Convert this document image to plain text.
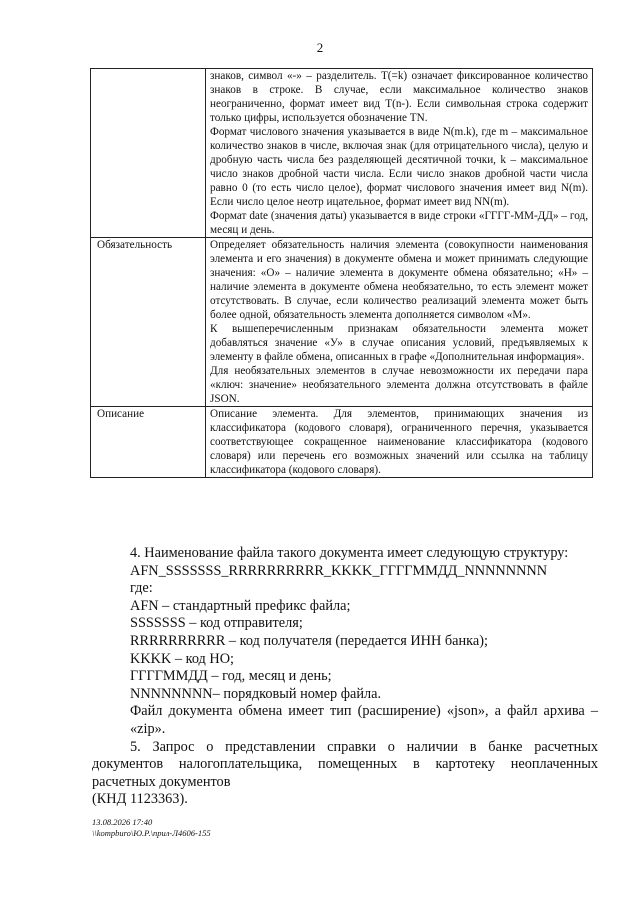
2

	знаков, символ «-» – разделитель. T(=k) означает фиксированное количество знаков в строке. В случае, если максимальное количество знаков неограниченно, формат имеет вид T(n-). Если символьная строка содержит только цифры, используется обозначение TN.

Формат числового значения указывается в виде N(m.k), где m – максимальное количество знаков в числе, включая знак (для отрицательного числа), целую и дробную часть числа без разделяющей десятичной точки, k – максимальное число знаков дробной части числа. Если число знаков дробной части числа равно 0 (то есть число целое), формат числового значения имеет вид N(m). Если число целое неотр ицательное, формат имеет вид NN(m).

Формат date (значения даты) указывается в виде строки «ГГГГ-ММ-ДД» – год, месяц и день.

Обязательность	Определяет обязательность наличия элемента (совокупности наименования элемента и его значения) в документе обмена и может принимать следующие значения: «О» – наличие элемента в документе обмена обязательно; «Н» – наличие элемента в документе обмена необязательно, то есть элемент может отсутствовать. В случае, если количество реализаций элемента может быть более одной, обязательность элемента дополняется символом «М».

К вышеперечисленным признакам обязательности элемента может добавляться значение «У» в случае описания условий, предъявляемых к элементу в файле обмена, описанных в графе «Дополнительная информация».

Для необязательных элементов в случае невозможности их передачи пара «ключ: значение» необязательного элемента должна отсутствовать в файле JSON.

Описание	Описание элемента. Для элементов, принимающих значения из классификатора (кодового словаря), ограниченного перечня, указывается соответствующее сокращенное наименование классификатора (кодового словаря) или перечень его возможных значений или ссылка на таблицу классификатора (кодового словаря).

4. Наименование файла такого документа имеет следующую структуру:

AFN_SSSSSSS_RRRRRRRRRR_KKKK_ГГГГММДД_NNNNNNNN

где:

AFN – стандартный префикс файла;

SSSSSSS – код отправителя;

RRRRRRRRRR – код получателя (передается ИНН банка);

KKKK – код НО;

ГГГГММДД – год, месяц и день;

NNNNNNNN– порядковый номер файла.

Файл документа обмена имеет тип (расширение) «json», а файл архива – «zip».

5. Запрос о представлении справки о наличии в банке расчетных документов налогоплательщика, помещенных в картотеку неоплаченных расчетных документов

(КНД 1123363).

13.08.2026 17:40
\\kompburo\Ю.Р.\прил-Л4606-155
